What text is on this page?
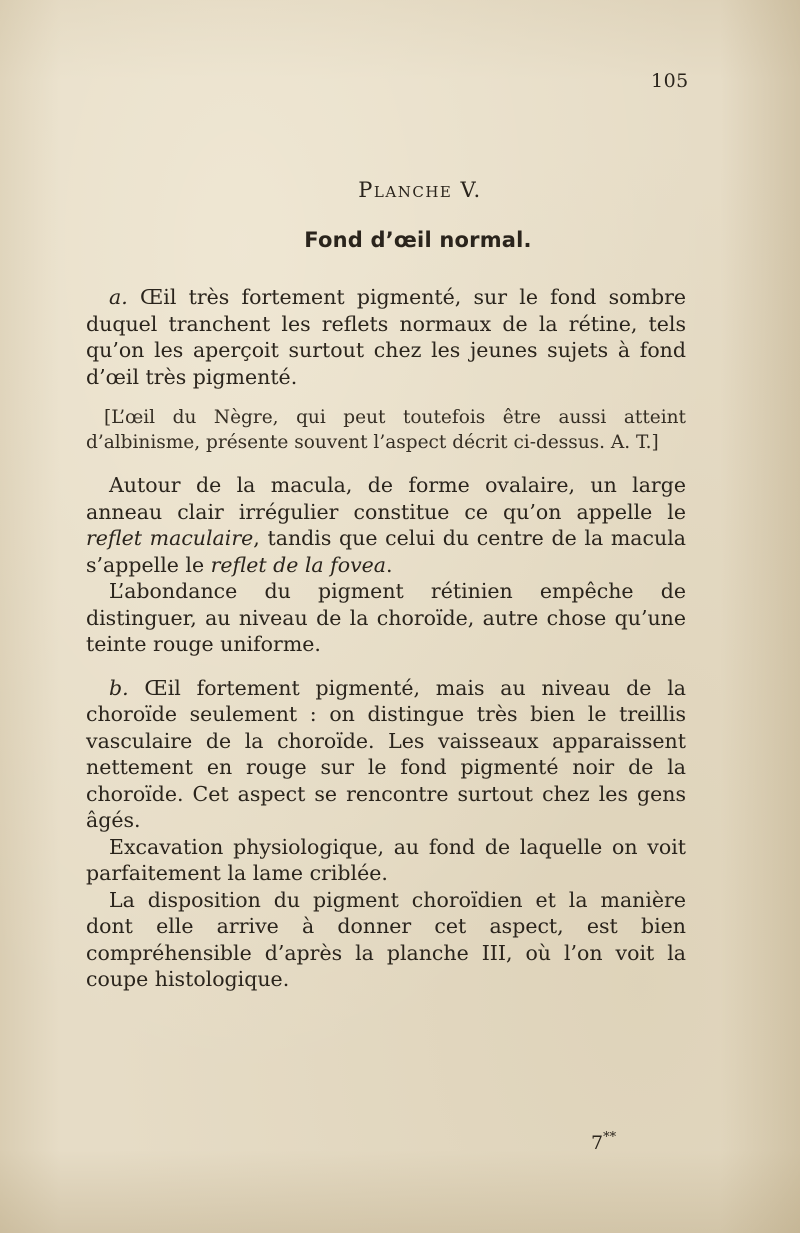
105
Planche V.
Fond d’œil normal.

a. Œil très fortement pigmenté, sur le fond sombre duquel tranchent les reflets normaux de la rétine, tels qu’on les aperçoit surtout chez les jeunes sujets à fond d’œil très pigmenté.

[L’œil du Nègre, qui peut toutefois être aussi atteint d’albinisme, présente souvent l’aspect décrit ci-dessus. A. T.]

Autour de la macula, de forme ovalaire, un large anneau clair irrégulier constitue ce qu’on appelle le reflet maculaire, tandis que celui du centre de la macula s’appelle le reflet de la fovea.

L’abondance du pigment rétinien empêche de distinguer, au niveau de la choroïde, autre chose qu’une teinte rouge uniforme.

b. Œil fortement pigmenté, mais au niveau de la choroïde seulement : on distingue très bien le treillis vasculaire de la choroïde. Les vaisseaux apparaissent nettement en rouge sur le fond pigmenté noir de la choroïde. Cet aspect se rencontre surtout chez les gens âgés.

Excavation physiologique, au fond de laquelle on voit parfaitement la lame criblée.

La disposition du pigment choroïdien et la manière dont elle arrive à donner cet aspect, est bien compréhensible d’après la planche III, où l’on voit la coupe histologique.

7**
